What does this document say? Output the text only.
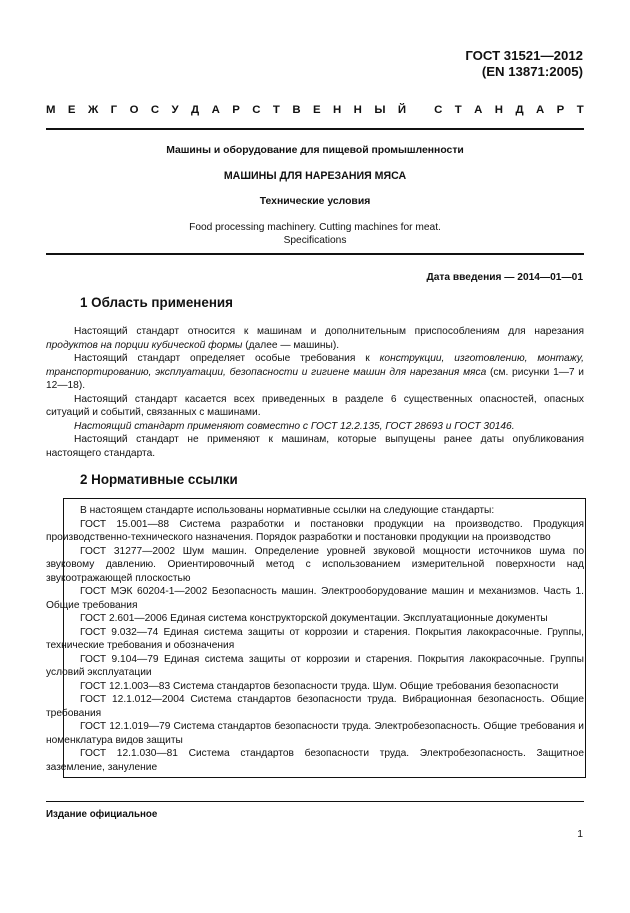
ГОСТ 31521—2012
(EN 13871:2005)
М Е Ж Г О С У Д А Р С Т В Е Н Н Ы Й
С Т А Н Д А Р Т
Машины и оборудование для пищевой промышленности
МАШИНЫ ДЛЯ НАРЕЗАНИЯ МЯСА
Технические условия
Food processing machinery. Cutting machines for meat.
Specifications
Дата введения — 2014—01—01
1 Область применения

Настоящий стандарт относится к машинам и дополнительным приспособлениям для нарезания продуктов на порции кубической формы (далее — машины).

Настоящий стандарт определяет особые требования к конструкции, изготовлению, монтажу, транспортированию, эксплуатации, безопасности и гигиене машин для нарезания мяса (см. рисунки 1—7 и 12—18).

Настоящий стандарт касается всех приведенных в разделе 6 существенных опасностей, опасных ситуаций и событий, связанных с машинами.

Настоящий стандарт применяют совместно с ГОСТ 12.2.135, ГОСТ 28693 и ГОСТ 30146.

Настоящий стандарт не применяют к машинам, которые выпущены ранее даты опубликования настоящего стандарта.

2 Нормативные ссылки

В настоящем стандарте использованы нормативные ссылки на следующие стандарты:

ГОСТ 15.001—88 Система разработки и постановки продукции на производство. Продукция производственно-технического назначения. Порядок разработки и постановки продукции на производство

ГОСТ 31277—2002 Шум машин. Определение уровней звуковой мощности источников шума по звуковому давлению. Ориентировочный метод с использованием измерительной поверхности над звукоотражающей плоскостью

ГОСТ МЭК 60204-1—2002 Безопасность машин. Электрооборудование машин и механизмов. Часть 1. Общие требования

ГОСТ 2.601—2006 Единая система конструкторской документации. Эксплуатационные документы

ГОСТ 9.032—74 Единая система защиты от коррозии и старения. Покрытия лакокрасочные. Группы, технические требования и обозначения

ГОСТ 9.104—79 Единая система защиты от коррозии и старения. Покрытия лакокрасочные. Группы условий эксплуатации

ГОСТ 12.1.003—83 Система стандартов безопасности труда. Шум. Общие требования безопасности

ГОСТ 12.1.012—2004 Система стандартов безопасности труда. Вибрационная безопасность. Общие требования

ГОСТ 12.1.019—79 Система стандартов безопасности труда. Электробезопасность. Общие требования и номенклатура видов защиты

ГОСТ 12.1.030—81 Система стандартов безопасности труда. Электробезопасность. Защитное заземление, зануление

Издание официальное
1
